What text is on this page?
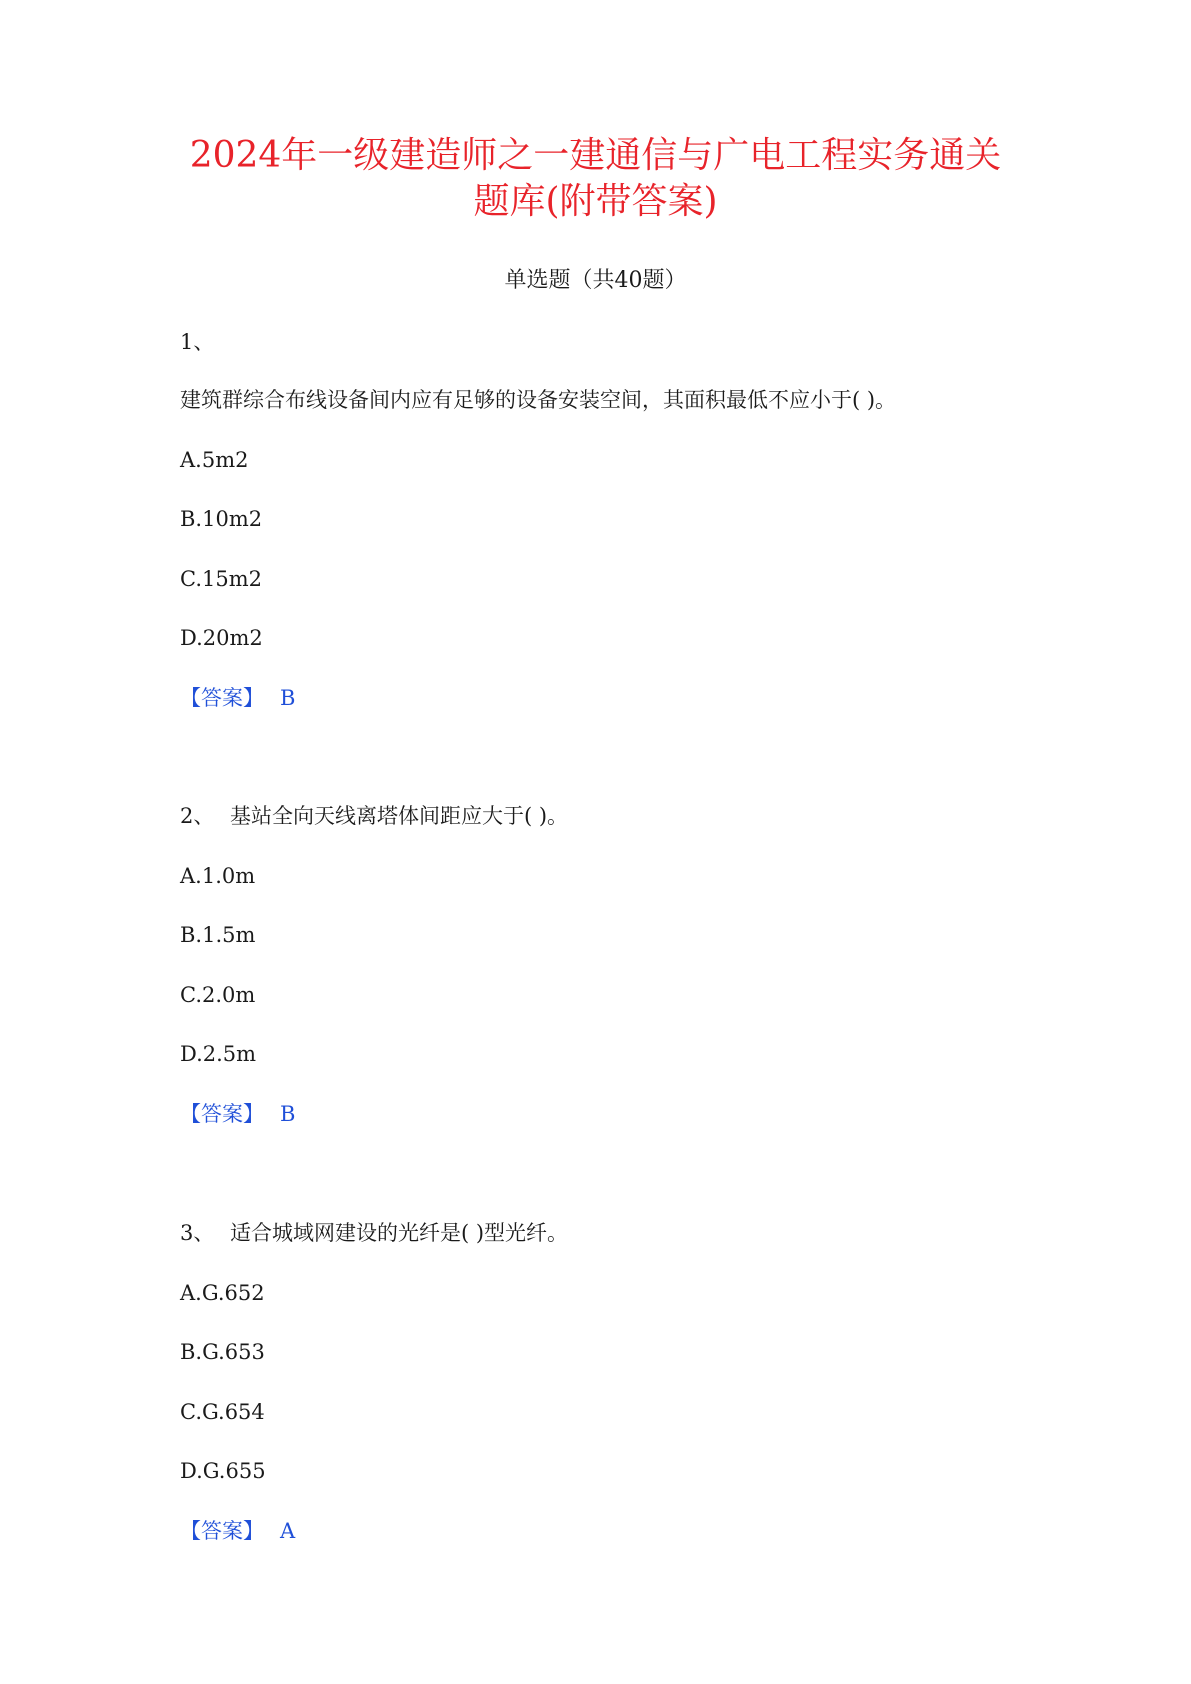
2024年一级建造师之一建通信与广电工程实务通关
题库(附带答案)
单选题（共40题）
1、
建筑群综合布线设备间内应有足够的设备安装空间，其面积最低不应小于( )。
A.5m2
B.10m2
C.15m2
D.20m2
【答案】 B
2、 基站全向天线离塔体间距应大于( )。
A.1.0m
B.1.5m
C.2.0m
D.2.5m
【答案】 B
3、 适合城域网建设的光纤是( )型光纤。
A.G.652
B.G.653
C.G.654
D.G.655
【答案】 A
